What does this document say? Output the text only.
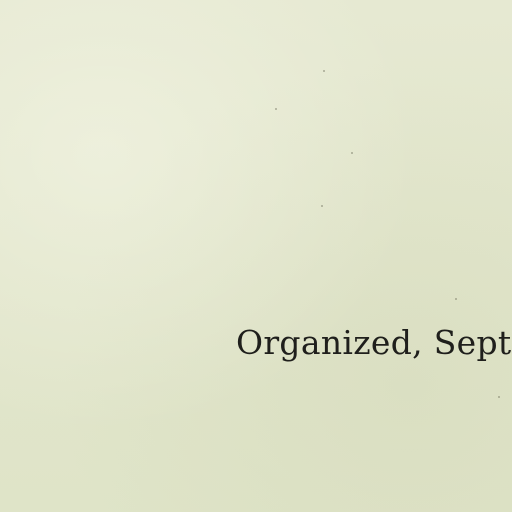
Organized, Sept
